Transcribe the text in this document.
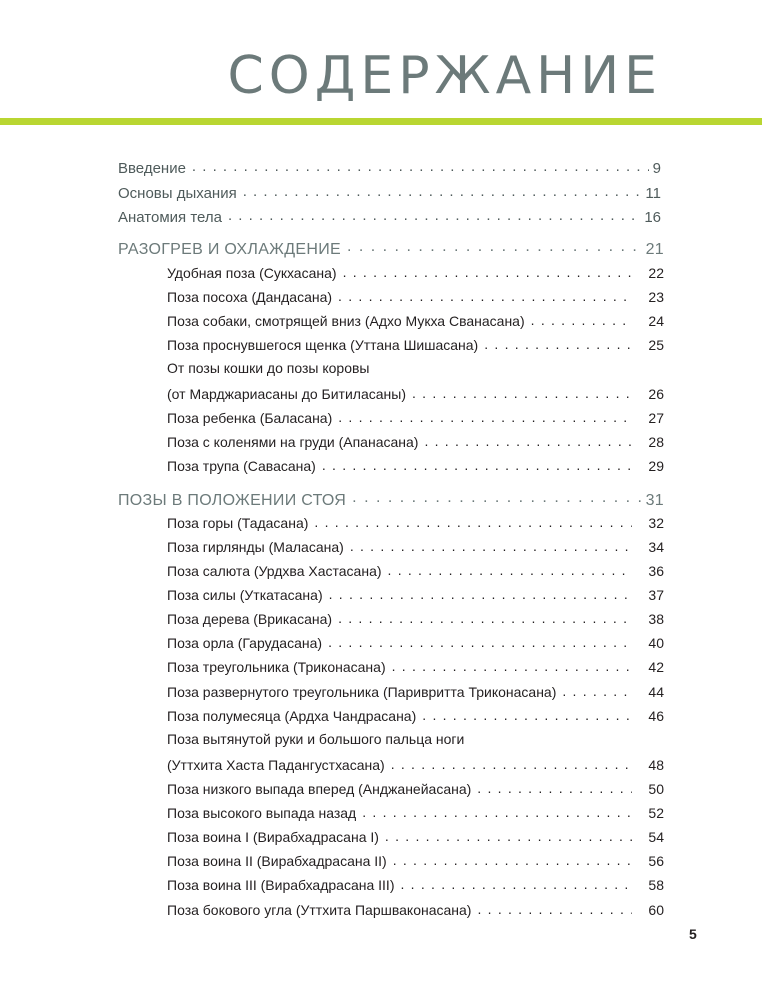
СОДЕРЖАНИЕ
Введение . . .	9
Основы дыхания . . .	11
Анатомия тела . . .	16
РАЗОГРЕВ И ОХЛАЖДЕНИЕ . . .	21
Удобная поза (Сукхасана) . . .	22
Поза посоха (Дандасана) . . .	23
Поза собаки, смотрящей вниз (Адхо Мукха Сванасана) . . .	24
Поза проснувшегося щенка (Уттана Шишасана) . . .	25
От позы кошки до позы коровы
(от Марджариасаны до Битиласаны) . . .	26
Поза ребенка (Баласана) . . .	27
Поза с коленями на груди (Апанасана) . . .	28
Поза трупа (Савасана) . . .	29
ПОЗЫ В ПОЛОЖЕНИИ СТОЯ . . .	31
Поза горы (Тадасана) . . .	32
Поза гирлянды (Маласана) . . .	34
Поза салюта (Урдхва Хастасана) . . .	36
Поза силы (Уткатасана) . . .	37
Поза дерева (Врикасана) . . .	38
Поза орла (Гарудасана) . . .	40
Поза треугольника (Триконасана) . . .	42
Поза развернутого треугольника (Паривритта Триконасана) . . .	44
Поза полумесяца (Ардха Чандрасана) . . .	46
Поза вытянутой руки и большого пальца ноги
(Уттхита Хаста Падангустхасана) . . .	48
Поза низкого выпада вперед (Анджанейасана) . . .	50
Поза высокого выпада назад . . .	52
Поза воина I (Вирабхадрасана I) . . .	54
Поза воина II (Вирабхадрасана II) . . .	56
Поза воина III (Вирабхадрасана III) . . .	58
Поза бокового угла (Уттхита Паршваконасана) . . .	60
5
